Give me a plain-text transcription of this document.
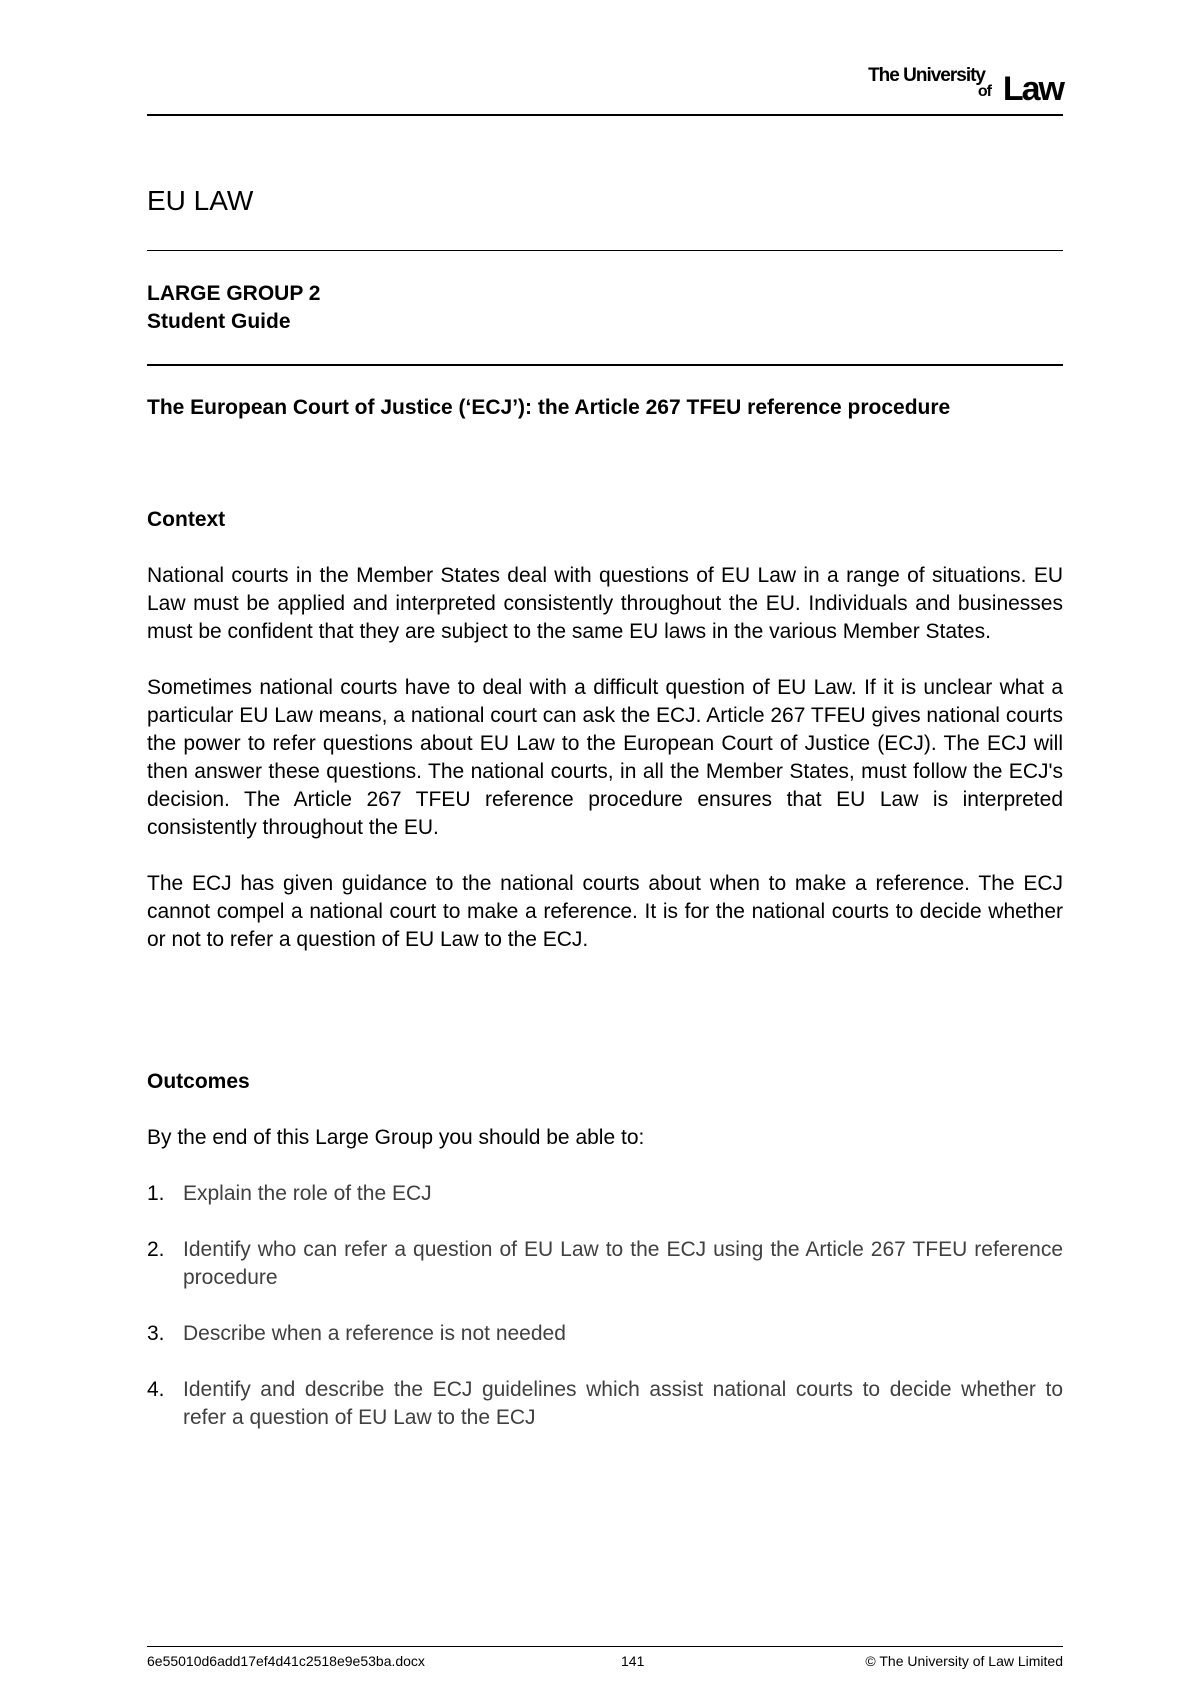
The University
of Law
EU LAW
LARGE GROUP 2
Student Guide
The European Court of Justice (‘ECJ’): the Article 267 TFEU reference procedure
Context

National courts in the Member States deal with questions of EU Law in a range of situations. EU Law must be applied and interpreted consistently throughout the EU. Individuals and businesses must be confident that they are subject to the same EU laws in the various Member States.

Sometimes national courts have to deal with a difficult question of EU Law. If it is unclear what a particular EU Law means, a national court can ask the ECJ. Article 267 TFEU gives national courts the power to refer questions about EU Law to the European Court of Justice (ECJ). The ECJ will then answer these questions. The national courts, in all the Member States, must follow the ECJ's decision. The Article 267 TFEU reference procedure ensures that EU Law is interpreted consistently throughout the EU.

The ECJ has given guidance to the national courts about when to make a reference. The ECJ cannot compel a national court to make a reference. It is for the national courts to decide whether or not to refer a question of EU Law to the ECJ.

Outcomes
By the end of this Large Group you should be able to:
1. Explain the role of the ECJ
2. Identify who can refer a question of EU Law to the ECJ using the Article 267 TFEU reference procedure
3. Describe when a reference is not needed
4. Identify and describe the ECJ guidelines which assist national courts to decide whether to refer a question of EU Law to the ECJ
6e55010d6add17ef4d41c2518e9e53ba.docx	141	© The University of Law Limited
